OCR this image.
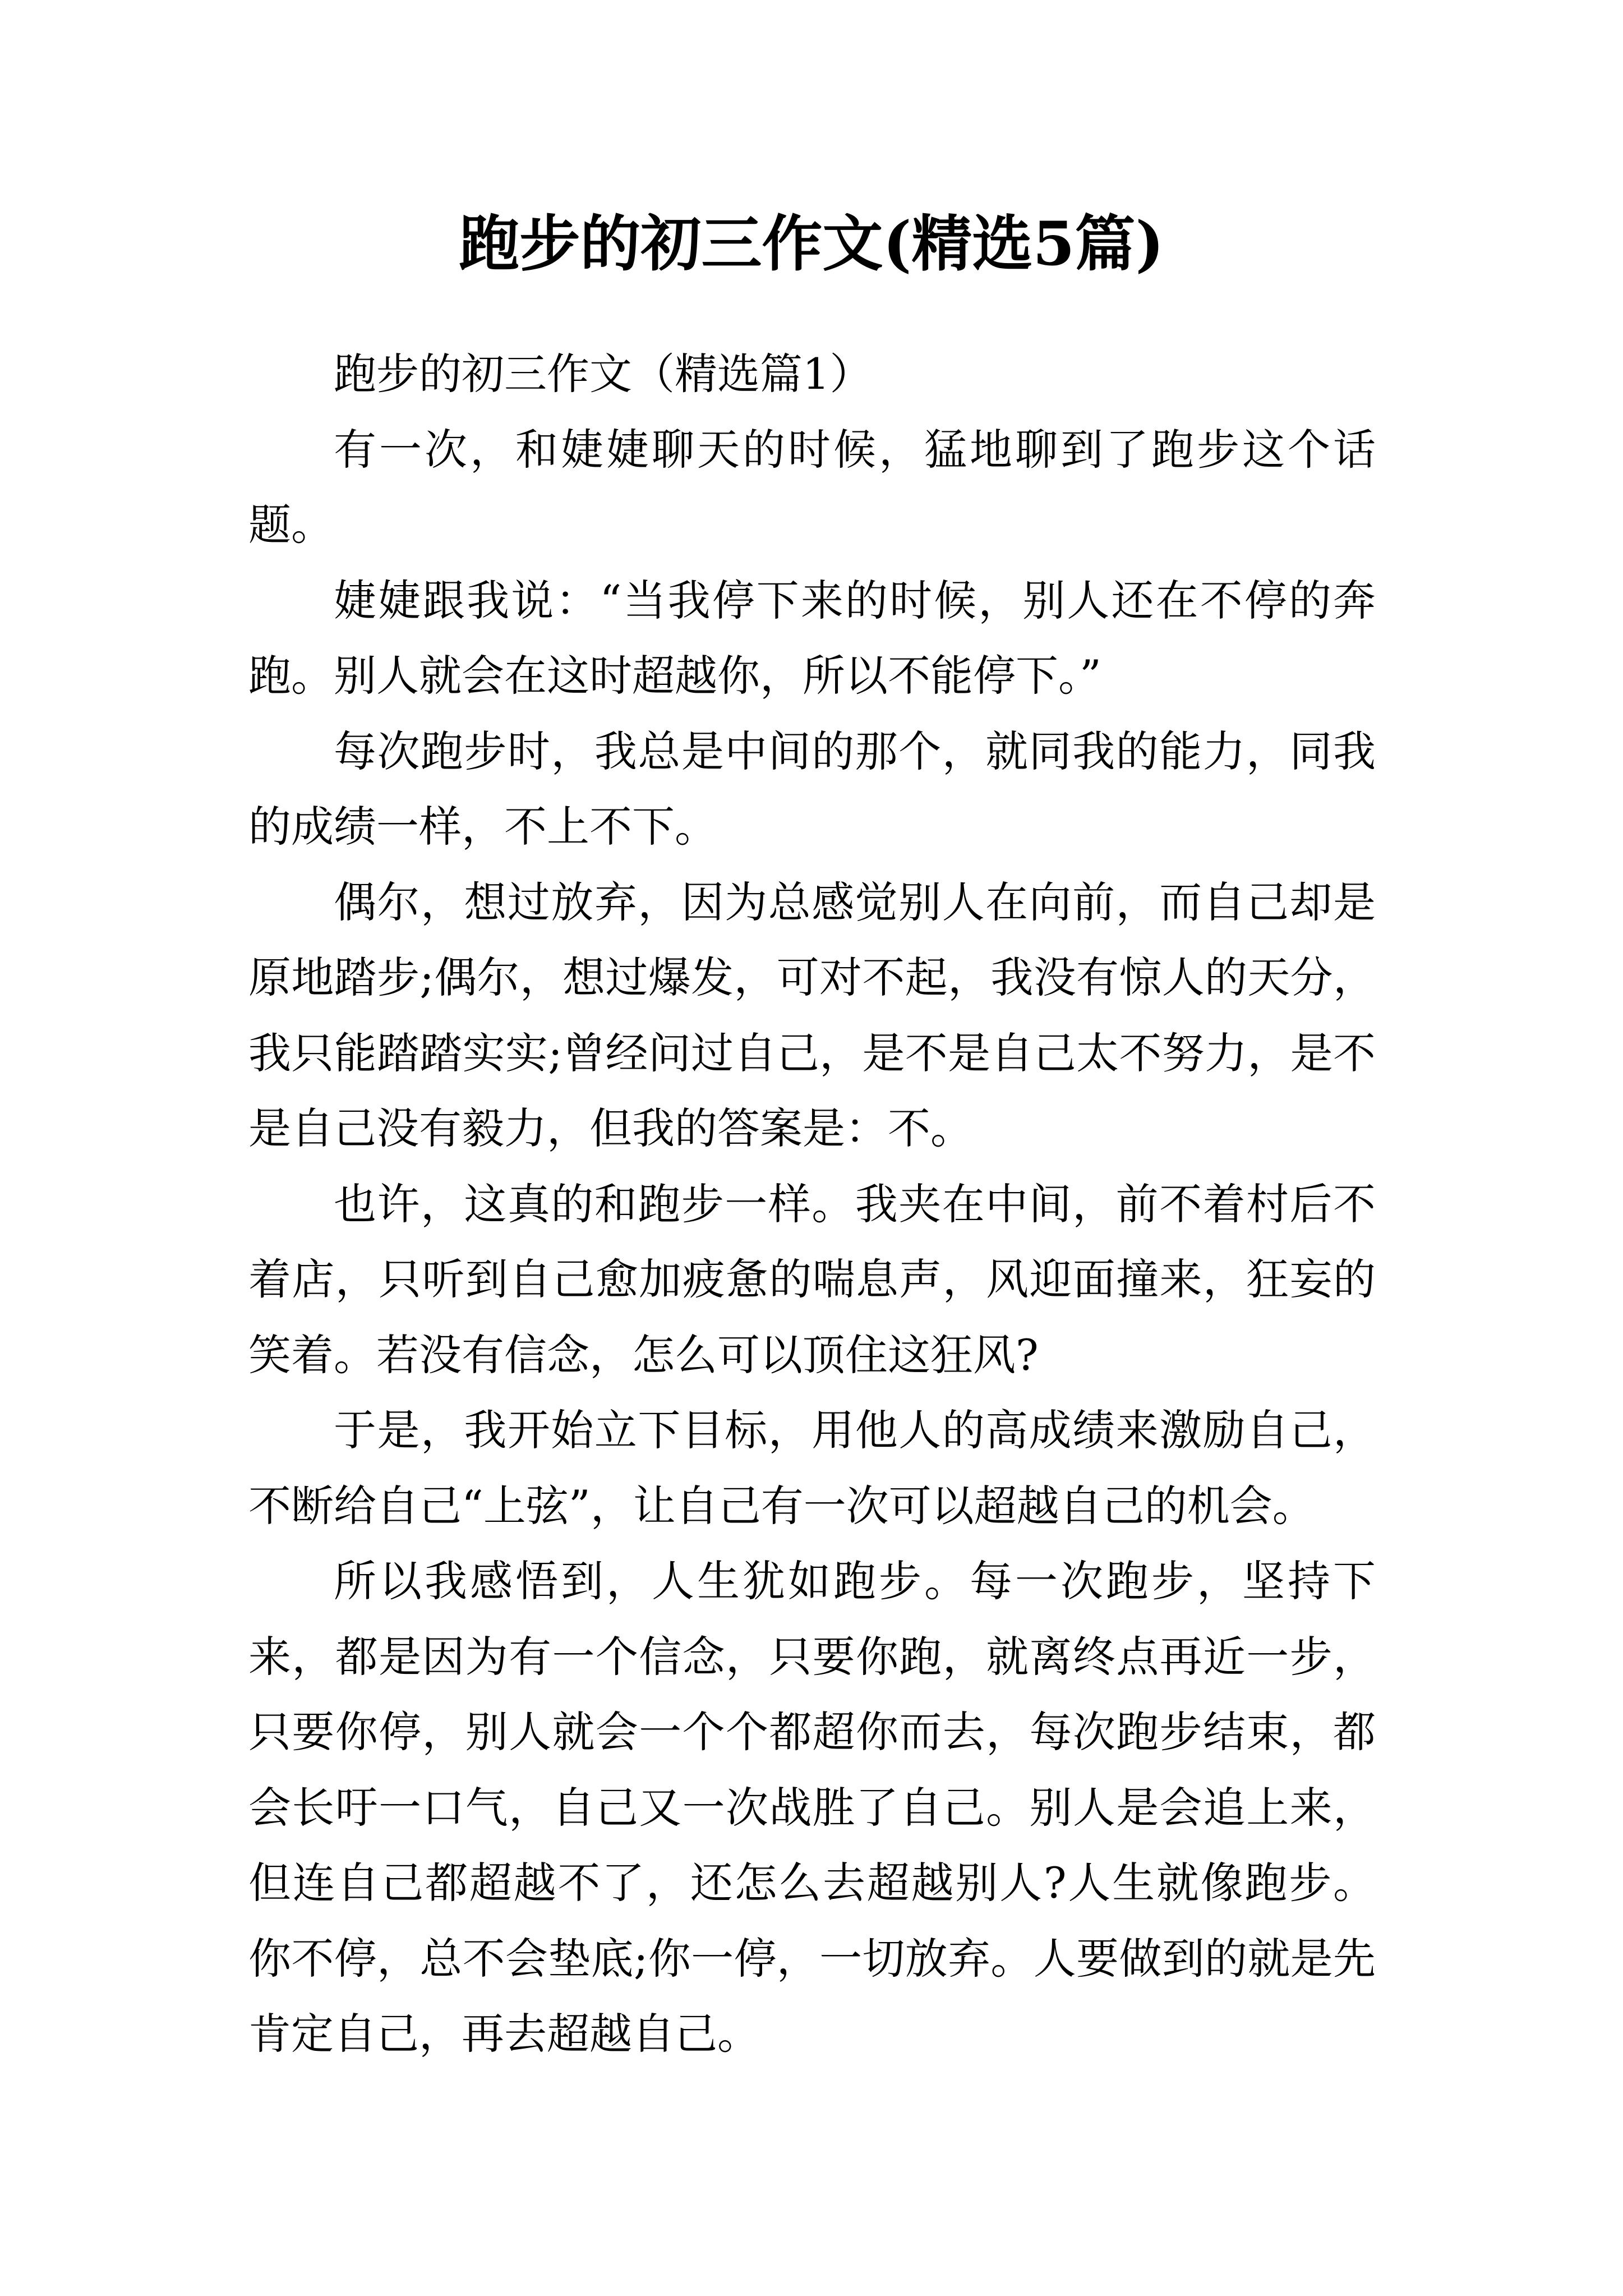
跑步的初三作文(精选5篇)

跑步的初三作文（精选篇1）

有一次，和婕婕聊天的时候，猛地聊到了跑步这个话题。

婕婕跟我说：“当我停下来的时候，别人还在不停的奔跑。别人就会在这时超越你，所以不能停下。”

每次跑步时，我总是中间的那个，就同我的能力，同我的成绩一样，不上不下。

偶尔，想过放弃，因为总感觉别人在向前，而自己却是原地踏步;偶尔，想过爆发，可对不起，我没有惊人的天分，我只能踏踏实实;曾经问过自己，是不是自己太不努力，是不是自己没有毅力，但我的答案是：不。

也许，这真的和跑步一样。我夹在中间，前不着村后不着店，只听到自己愈加疲惫的喘息声，风迎面撞来，狂妄的笑着。若没有信念，怎么可以顶住这狂风?

于是，我开始立下目标，用他人的高成绩来激励自己，不断给自己“上弦”，让自己有一次可以超越自己的机会。

所以我感悟到，人生犹如跑步。每一次跑步，坚持下来，都是因为有一个信念，只要你跑，就离终点再近一步，只要你停，别人就会一个个都超你而去，每次跑步结束，都会长吁一口气，自己又一次战胜了自己。别人是会追上来，但连自己都超越不了，还怎么去超越别人?人生就像跑步。你不停，总不会垫底;你一停，一切放弃。人要做到的就是先肯定自己，再去超越自己。
